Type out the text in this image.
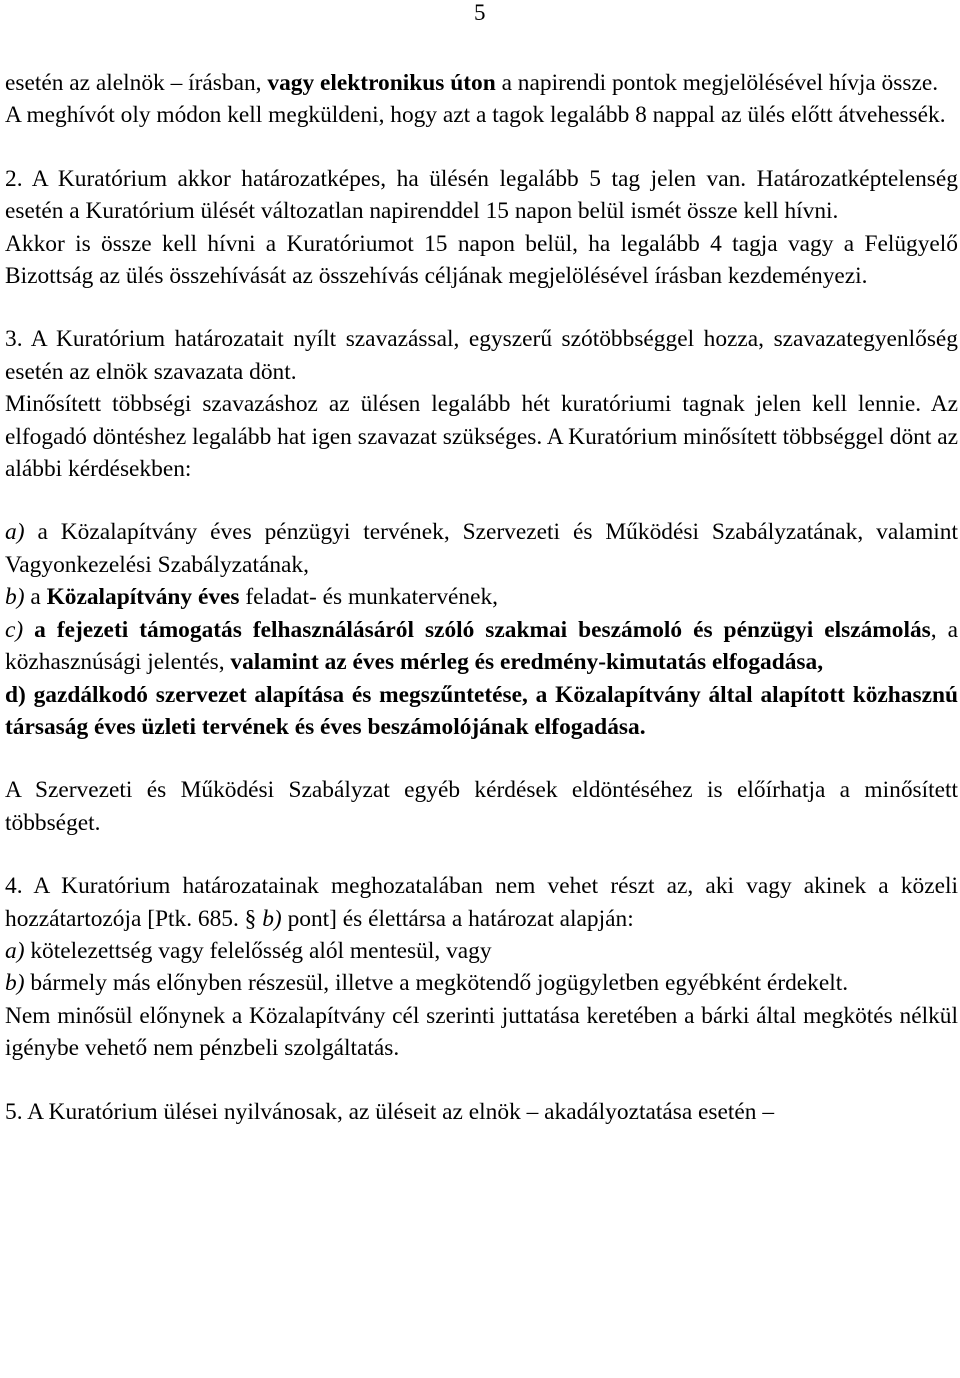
5

esetén az alelnök – írásban, vagy elektronikus úton a napirendi pontok megjelölésével hívja össze.

A meghívót oly módon kell megküldeni, hogy azt a tagok legalább 8 nappal az ülés előtt átvehessék.

2. A Kuratórium akkor határozatképes, ha ülésén legalább 5 tag jelen van. Határozatképtelenség esetén a Kuratórium ülését változatlan napirenddel 15 napon belül ismét össze kell hívni.

Akkor is össze kell hívni a Kuratóriumot 15 napon belül, ha legalább 4 tagja vagy a Felügyelő Bizottság az ülés összehívását az összehívás céljának megjelölésével írásban kezdeményezi.

3. A Kuratórium határozatait nyílt szavazással, egyszerű szótöbbséggel hozza, szavazategyenlőség esetén az elnök szavazata dönt.

Minősített többségi szavazáshoz az ülésen legalább hét kuratóriumi tagnak jelen kell lennie. Az elfogadó döntéshez legalább hat igen szavazat szükséges. A Kuratórium minősített többséggel dönt az alábbi kérdésekben:

a) a Közalapítvány éves pénzügyi tervének, Szervezeti és Működési Szabályzatának, valamint Vagyonkezelési Szabályzatának,

b) a Közalapítvány éves feladat- és munkatervének,

c) a fejezeti támogatás felhasználásáról szóló szakmai beszámoló és pénzügyi elszámolás, a közhasznúsági jelentés, valamint az éves mérleg és eredmény-kimutatás elfogadása,

d) gazdálkodó szervezet alapítása és megszűntetése, a Közalapítvány által alapított közhasznú társaság éves üzleti tervének és éves beszámolójának elfogadása.

A Szervezeti és Működési Szabályzat egyéb kérdések eldöntéséhez is előírhatja a minősített többséget.

4. A Kuratórium határozatainak meghozatalában nem vehet részt az, aki vagy akinek a közeli hozzátartozója [Ptk. 685. § b) pont] és élettársa a határozat alapján:

a) kötelezettség vagy felelősség alól mentesül, vagy

b) bármely más előnyben részesül, illetve a megkötendő jogügyletben egyébként érdekelt.

Nem minősül előnynek a Közalapítvány cél szerinti juttatása keretében a bárki által megkötés nélkül igénybe vehető nem pénzbeli szolgáltatás.

5. A Kuratórium ülései nyilvánosak, az üléseit az elnök – akadályoztatása esetén –
